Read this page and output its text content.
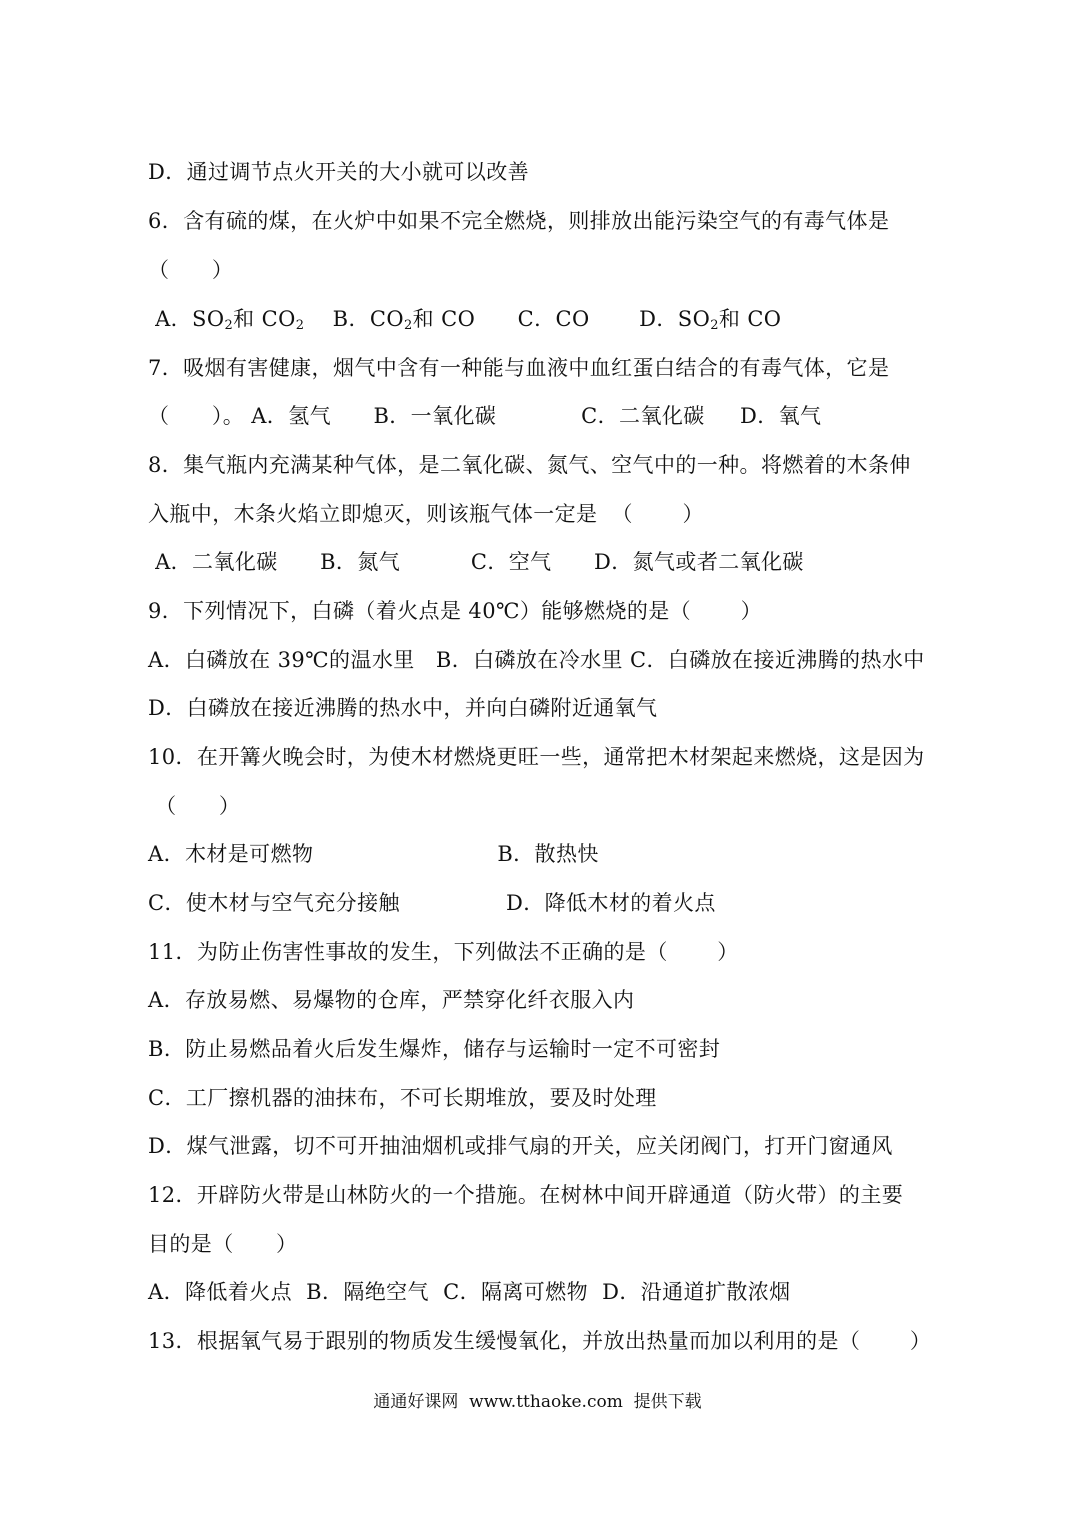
D．通过调节点火开关的大小就可以改善
6．含有硫的煤，在火炉中如果不完全燃烧，则排放出能污染空气的有毒气体是
（      ）
A．$SO_2$和 $CO_2$    B．$CO_2$和 CO      C．CO       D．$SO_2$和 CO
7．吸烟有害健康，烟气中含有一种能与血液中血红蛋白结合的有毒气体，它是
（      ）。 A．氢气      B．一氧化碳            C．二氧化碳     D．氧气
8．集气瓶内充满某种气体，是二氧化碳、氮气、空气中的一种。将燃着的木条伸
入瓶中，木条火焰立即熄灭，则该瓶气体一定是  （       ）
A．二氧化碳      B．氮气          C．空气      D．氮气或者二氧化碳
9．下列情况下，白磷（着火点是 40℃）能够燃烧的是（       ）
A．白磷放在 39℃的温水里   B．白磷放在冷水里 C．白磷放在接近沸腾的热水中
D．白磷放在接近沸腾的热水中，并向白磷附近通氧气
10．在开篝火晚会时，为使木材燃烧更旺一些，通常把木材架起来燃烧，这是因为
（      ）
A．木材是可燃物                          B．散热快
C．使木材与空气充分接触               D．降低木材的着火点
11．为防止伤害性事故的发生，下列做法不正确的是（       ）
A．存放易燃、易爆物的仓库，严禁穿化纤衣服入内
B．防止易燃品着火后发生爆炸，储存与运输时一定不可密封
C．工厂擦机器的油抹布，不可长期堆放，要及时处理
D．煤气泄露，切不可开抽油烟机或排气扇的开关，应关闭阀门，打开门窗通风
12．开辟防火带是山林防火的一个措施。在树林中间开辟通道（防火带）的主要
目的是（      ）
A．降低着火点  B．隔绝空气  C．隔离可燃物  D．沿通道扩散浓烟
13．根据氧气易于跟别的物质发生缓慢氧化，并放出热量而加以利用的是（       ）
通通好课网  www.tthaoke.com  提供下载
